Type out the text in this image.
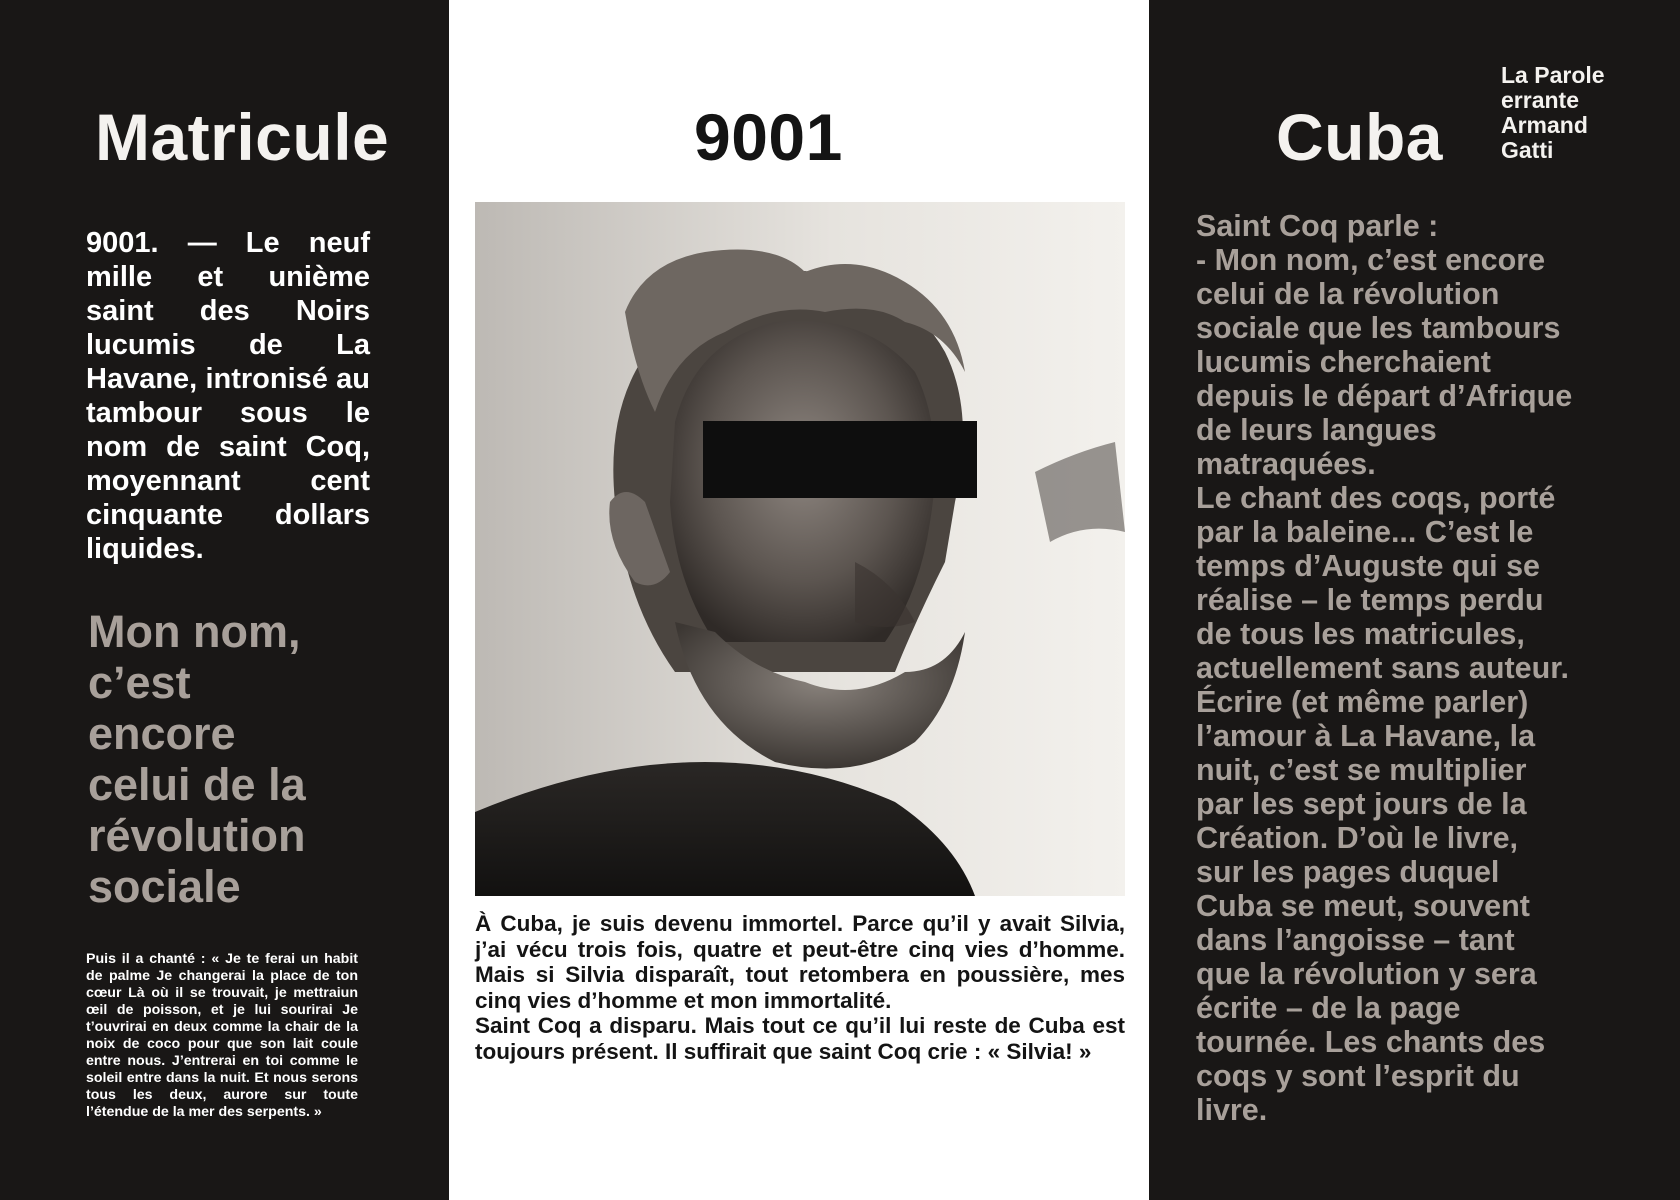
Matricule	9001	Cuba
La Parole
errante
Armand
Gatti
9001. — Le neuf mille et unième saint des Noirs lucumis de La Havane, intronisé au tambour sous le nom de saint Coq, moyennant cent cinquante dollars liquides.
Mon nom,
c’est
encore
celui de la
révolution
sociale
Puis il a chanté : « Je te ferai un habit de palme Je changerai la place de ton cœur Là où il se trouvait, je mettraiun œil de poisson, et je lui sourirai Je t’ouvrirai en deux comme la chair de la noix de coco pour que son lait coule entre nous. J’entrerai en toi comme le soleil entre dans la nuit. Et nous serons tous les deux, aurore sur toute l’étendue de la mer des serpents. »

À Cuba, je suis devenu immortel. Parce qu’il y avait Silvia, j’ai vécu trois fois, quatre et peut-être cinq vies d’homme. Mais si Silvia disparaît, tout retombera en poussière, mes cinq vies d’homme et mon immortalité.

Saint Coq a disparu. Mais tout ce qu’il lui reste de Cuba est toujours présent. Il suffirait que saint Coq crie : « Silvia! »

Saint Coq parle :
- Mon nom, c’est encore
celui de la révolution
sociale que les tambours
lucumis cherchaient
depuis le départ d’Afrique
de leurs langues
matraquées.
Le chant des coqs, porté
par la baleine... C’est le
temps d’Auguste qui se
réalise – le temps perdu
de tous les matricules,
actuellement sans auteur.
Écrire (et même parler)
l’amour à La Havane, la
nuit, c’est se multiplier
par les sept jours de la
Création. D’où le livre,
sur les pages duquel
Cuba se meut, souvent
dans l’angoisse – tant
que la révolution y sera
écrite – de la page
tournée. Les chants des
coqs y sont l’esprit du
livre.
